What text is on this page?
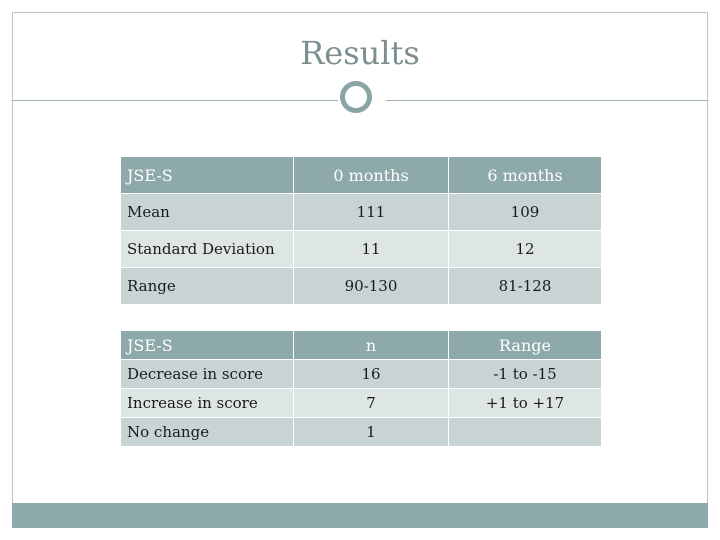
Results
JSE-S	0 months	6 months
Mean	111	109
Standard Deviation	11	12
Range	90-130	81-128
JSE-S	n	Range
Decrease in score	16	-1 to -15
Increase in score	7	+1 to +17
No change	1	
